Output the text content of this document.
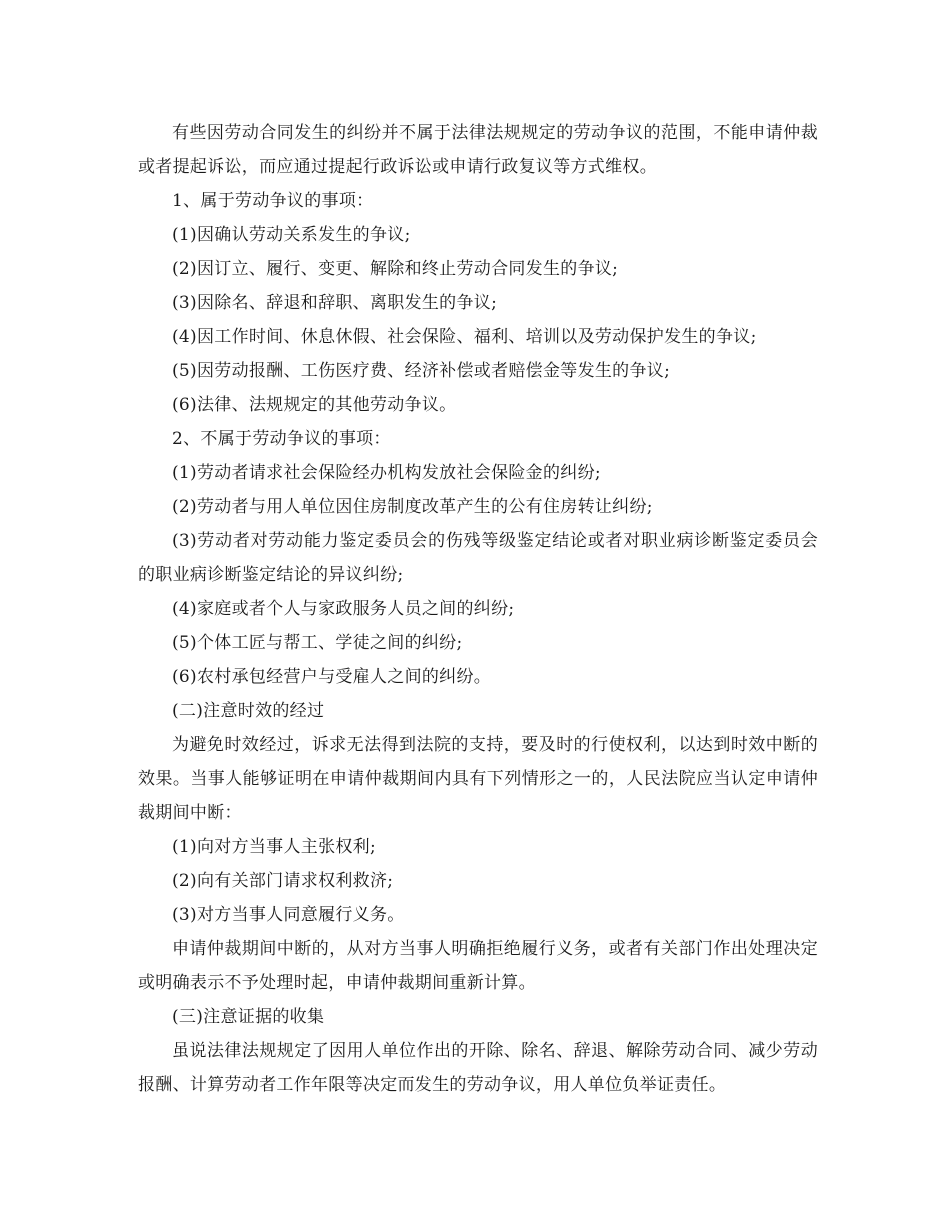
有些因劳动合同发生的纠纷并不属于法律法规规定的劳动争议的范围，不能申请仲裁或者提起诉讼，而应通过提起行政诉讼或申请行政复议等方式维权。

1、属于劳动争议的事项：

(1)因确认劳动关系发生的争议;

(2)因订立、履行、变更、解除和终止劳动合同发生的争议;

(3)因除名、辞退和辞职、离职发生的争议;

(4)因工作时间、休息休假、社会保险、福利、培训以及劳动保护发生的争议;

(5)因劳动报酬、工伤医疗费、经济补偿或者赔偿金等发生的争议;

(6)法律、法规规定的其他劳动争议。

2、不属于劳动争议的事项：

(1)劳动者请求社会保险经办机构发放社会保险金的纠纷;

(2)劳动者与用人单位因住房制度改革产生的公有住房转让纠纷;

(3)劳动者对劳动能力鉴定委员会的伤残等级鉴定结论或者对职业病诊断鉴定委员会的职业病诊断鉴定结论的异议纠纷;

(4)家庭或者个人与家政服务人员之间的纠纷;

(5)个体工匠与帮工、学徒之间的纠纷;

(6)农村承包经营户与受雇人之间的纠纷。

(二)注意时效的经过

为避免时效经过，诉求无法得到法院的支持，要及时的行使权利，以达到时效中断的效果。当事人能够证明在申请仲裁期间内具有下列情形之一的，人民法院应当认定申请仲裁期间中断：

(1)向对方当事人主张权利;

(2)向有关部门请求权利救济;

(3)对方当事人同意履行义务。

申请仲裁期间中断的，从对方当事人明确拒绝履行义务，或者有关部门作出处理决定或明确表示不予处理时起，申请仲裁期间重新计算。

(三)注意证据的收集

虽说法律法规规定了因用人单位作出的开除、除名、辞退、解除劳动合同、减少劳动报酬、计算劳动者工作年限等决定而发生的劳动争议，用人单位负举证责任。
